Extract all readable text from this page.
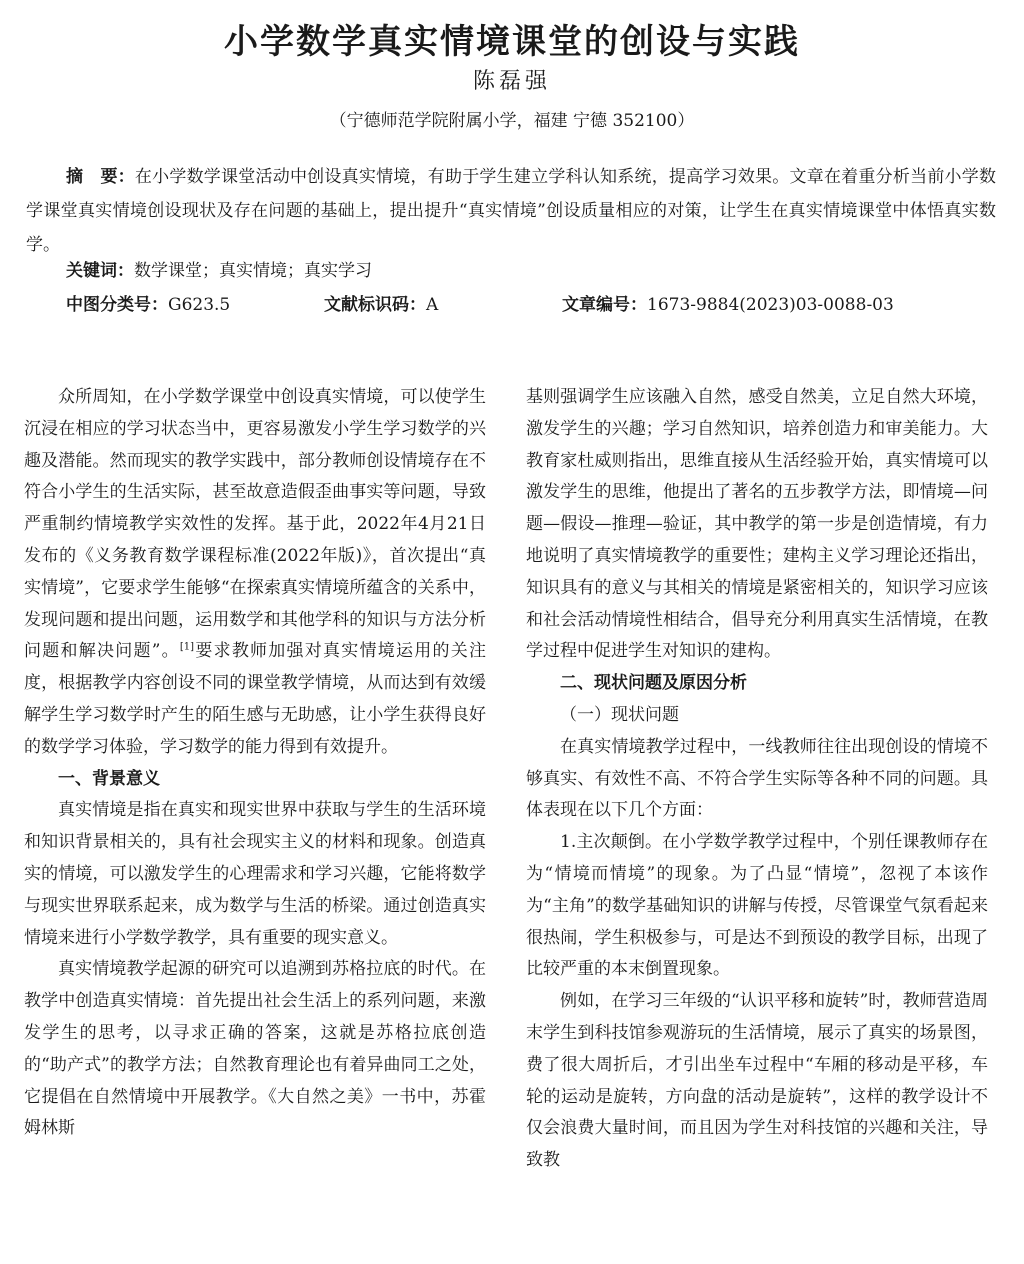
小学数学真实情境课堂的创设与实践
陈磊强
（宁德师范学院附属小学，福建 宁德 352100）
摘　要：在小学数学课堂活动中创设真实情境，有助于学生建立学科认知系统，提高学习效果。文章在着重分析当前小学数学课堂真实情境创设现状及存在问题的基础上，提出提升“真实情境”创设质量相应的对策，让学生在真实情境课堂中体悟真实数学。
关键词：数学课堂；真实情境；真实学习
中图分类号：G623.5	文献标识码：A	文章编号：1673-9884(2023)03-0088-03

众所周知，在小学数学课堂中创设真实情境，可以使学生沉浸在相应的学习状态当中，更容易激发小学生学习数学的兴趣及潜能。然而现实的教学实践中，部分教师创设情境存在不符合小学生的生活实际，甚至故意造假歪曲事实等问题，导致严重制约情境教学实效性的发挥。基于此，2022年4月21日发布的《义务教育数学课程标准(2022年版)》，首次提出“真实情境”，它要求学生能够“在探索真实情境所蕴含的关系中，发现问题和提出问题，运用数学和其他学科的知识与方法分析问题和解决问题”。[1]要求教师加强对真实情境运用的关注度，根据教学内容创设不同的课堂教学情境，从而达到有效缓解学生学习数学时产生的陌生感与无助感，让小学生获得良好的数学学习体验，学习数学的能力得到有效提升。

一、背景意义

真实情境是指在真实和现实世界中获取与学生的生活环境和知识背景相关的，具有社会现实主义的材料和现象。创造真实的情境，可以激发学生的心理需求和学习兴趣，它能将数学与现实世界联系起来，成为数学与生活的桥梁。通过创造真实情境来进行小学数学教学，具有重要的现实意义。

真实情境教学起源的研究可以追溯到苏格拉底的时代。在教学中创造真实情境：首先提出社会生活上的系列问题，来激发学生的思考，以寻求正确的答案，这就是苏格拉底创造的“助产式”的教学方法；自然教育理论也有着异曲同工之处，它提倡在自然情境中开展教学。《大自然之美》一书中，苏霍姆林斯

基则强调学生应该融入自然，感受自然美，立足自然大环境，激发学生的兴趣；学习自然知识，培养创造力和审美能力。大教育家杜威则指出，思维直接从生活经验开始，真实情境可以激发学生的思维，他提出了著名的五步教学方法，即情境—问题—假设—推理—验证，其中教学的第一步是创造情境，有力地说明了真实情境教学的重要性；建构主义学习理论还指出，知识具有的意义与其相关的情境是紧密相关的，知识学习应该和社会活动情境性相结合，倡导充分利用真实生活情境，在教学过程中促进学生对知识的建构。

二、现状问题及原因分析
（一）现状问题

在真实情境教学过程中，一线教师往往出现创设的情境不够真实、有效性不高、不符合学生实际等各种不同的问题。具体表现在以下几个方面：

1.主次颠倒。在小学数学教学过程中，个别任课教师存在为“情境而情境”的现象。为了凸显“情境”，忽视了本该作为“主角”的数学基础知识的讲解与传授，尽管课堂气氛看起来很热闹，学生积极参与，可是达不到预设的教学目标，出现了比较严重的本末倒置现象。

例如，在学习三年级的“认识平移和旋转”时，教师营造周末学生到科技馆参观游玩的生活情境，展示了真实的场景图，费了很大周折后，才引出坐车过程中“车厢的移动是平移，车轮的运动是旋转，方向盘的活动是旋转”，这样的教学设计不仅会浪费大量时间，而且因为学生对科技馆的兴趣和关注，导致教
